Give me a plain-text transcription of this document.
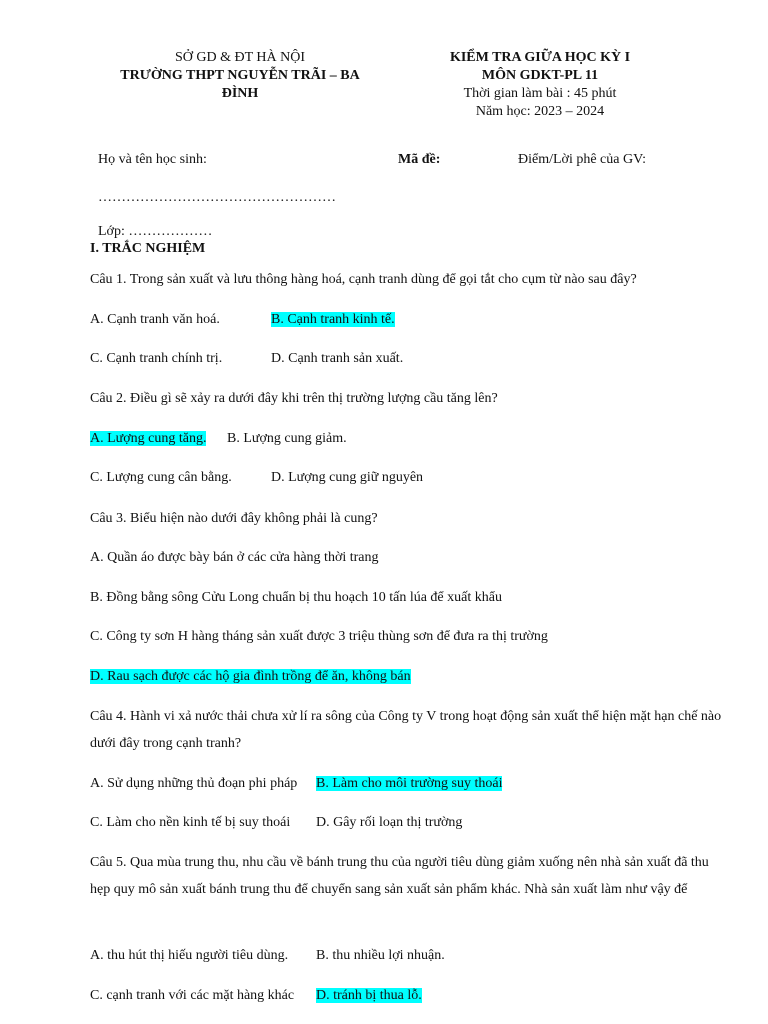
SỞ GD & ĐT HÀ NỘI
TRƯỜNG THPT NGUYỄN TRÃI – BA
ĐÌNH
KIỂM TRA GIỮA HỌC KỲ I
MÔN GDKT-PL 11
Thời gian làm bài : 45 phút
Năm học: 2023 – 2024
Họ và tên học sinh:	Mã đề:	Điểm/Lời phê của GV:
……………………………………………
Lớp: ………………
I. TRẮC NGHIỆM
Câu 1. Trong sản xuất và lưu thông hàng hoá, cạnh tranh dùng để gọi tắt cho cụm từ nào sau đây?
A. Cạnh tranh văn hoá.	B. Cạnh tranh kinh tế.
C. Cạnh tranh chính trị.	D. Cạnh tranh sản xuất.
Câu 2. Điều gì sẽ xảy ra dưới đây khi trên thị trường lượng cầu tăng lên?
A. Lượng cung tăng. B. Lượng cung giảm.
C. Lượng cung cân bằng.	D. Lượng cung giữ nguyên
Câu 3. Biểu hiện nào dưới đây không phải là cung?
A. Quần áo được bày bán ở các cửa hàng thời trang
B. Đồng bằng sông Cửu Long chuẩn bị thu hoạch 10 tấn lúa để xuất khẩu
C. Công ty sơn H hàng tháng sản xuất được 3 triệu thùng sơn để đưa ra thị trường
D. Rau sạch được các hộ gia đình trồng để ăn, không bán
Câu 4. Hành vi xả nước thải chưa xử lí ra sông của Công ty V trong hoạt động sản xuất thể hiện mặt hạn chế nào dưới đây trong cạnh tranh?
A. Sử dụng những thủ đoạn phi pháp B. Làm cho môi trường suy thoái
C. Làm cho nền kinh tế bị suy thoái D. Gây rối loạn thị trường
Câu 5. Qua mùa trung thu, nhu cầu về bánh trung thu của người tiêu dùng giảm xuống nên nhà sản xuất đã thu hẹp quy mô sản xuất bánh trung thu để chuyển sang sản xuất sản phẩm khác. Nhà sản xuất làm như vậy để
A. thu hút thị hiếu người tiêu dùng. B. thu nhiều lợi nhuận.
C. cạnh tranh với các mặt hàng khác D. tránh bị thua lỗ.
